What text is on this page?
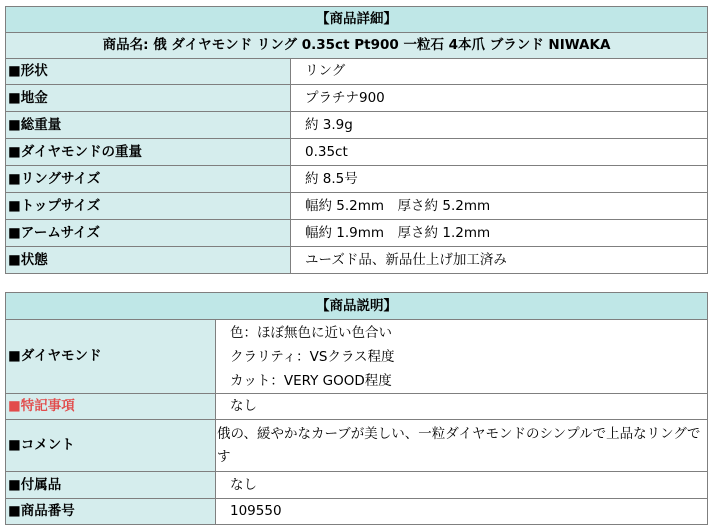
【商品詳細】	
商品名: 俄 ダイヤモンド リング 0.35ct Pt900 一粒石 4本爪 ブランド NIWAKA	
■形状	リング
■地金	プラチナ900
■総重量	約 3.9g
■ダイヤモンドの重量	0.35ct
■リングサイズ	約 8.5号
■トップサイズ	幅約 5.2mm　厚さ約 5.2mm
■アームサイズ	幅約 1.9mm　厚さ約 1.2mm
■状態	ユーズド品、新品仕上げ加工済み
【商品説明】	
■ダイヤモンド	色：ほぼ無色に近い色合い
クラリティ：VSクラス程度
カット：VERY GOOD程度

■特記事項	なし
■コメント	俄の、緩やかなカーブが美しい、一粒ダイヤモンドのシンプルで上品なリングです
■付属品	なし
■商品番号	109550
